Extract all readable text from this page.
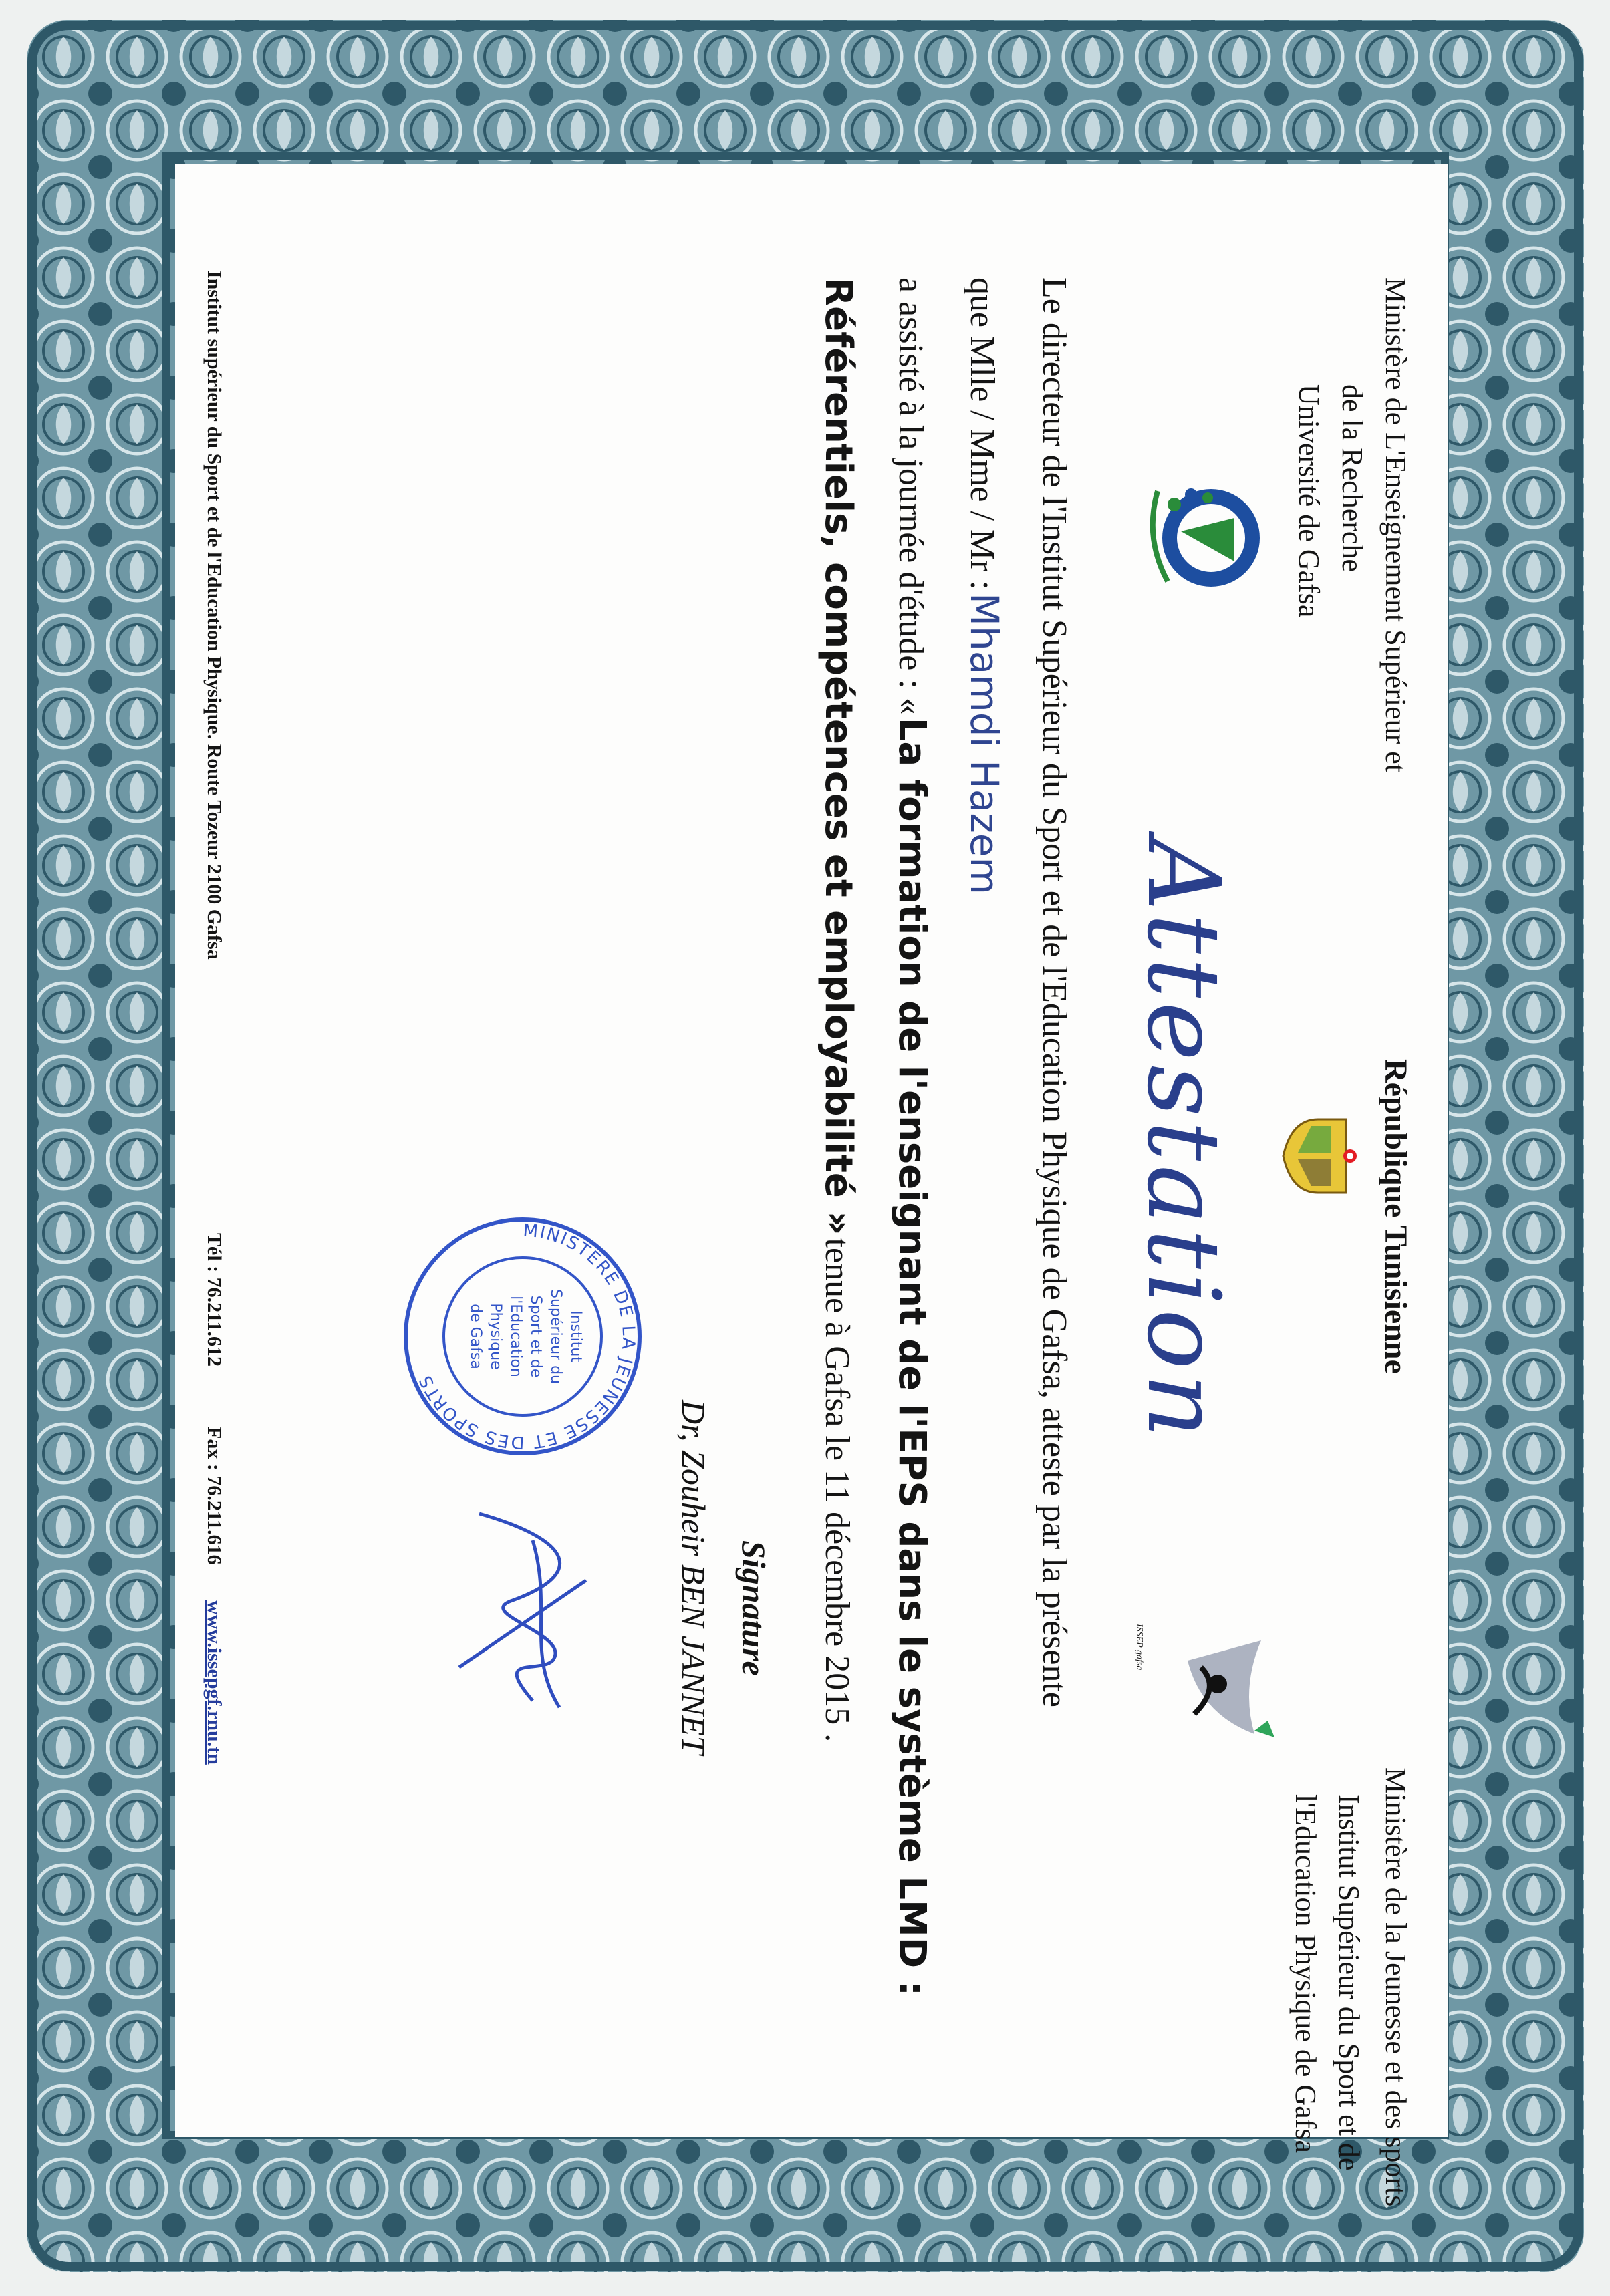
Ministère de L'Enseignement Supérieur et
de la Recherche
Université de Gafsa
République Tunisienne
Ministère de la Jeunesse et des sports
Institut Supérieur du Sport et de
l'Education Physique de Gafsa
ISSEP gafsa
Attestation
Le directeur de l'Institut Supérieur du Sport et de l'Education Physique de Gafsa, atteste par la présente
que Mlle / Mme / Mr : Mhamdi Hazem
a assisté à la journée d'étude : « La formation de l'enseignant de l'EPS dans le système LMD :
Référentiels, compétences et employabilité » tenue à Gafsa le 11 décembre 2015 .
Signature
Dr, Zouheir BEN JANNET
MINISTERE DE LA JEUNESSE ET DES SPORTS
Institut
Supérieur du
Sport et de
l'Education
Physique
de Gafsa
Institut supérieur du Sport et de l'Education Physique. Route Tozeur 2100 Gafsa
Tél : 76.211.612
Fax : 76.211.616
www.issepgf.rnu.tn
